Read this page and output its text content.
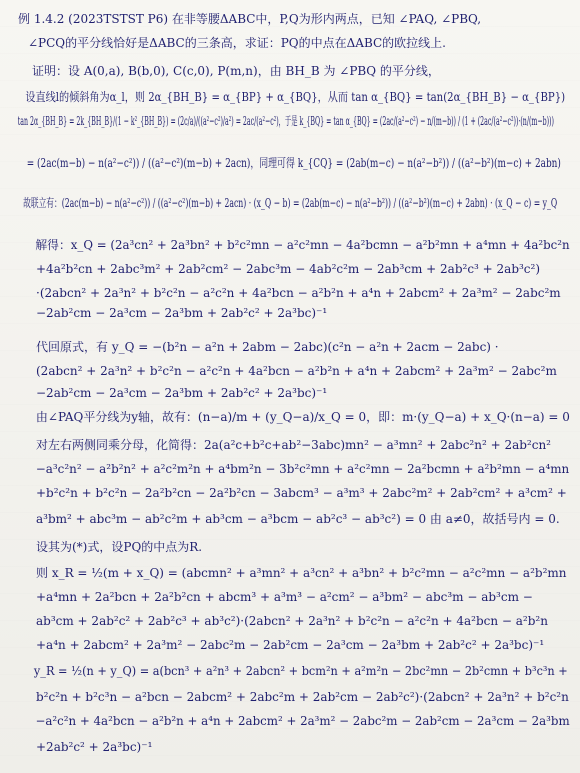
例 1.4.2 (2023TSTST P6) 在非等腰ΔABC中，P,Q为形内两点，已知 ∠PAQ, ∠PBQ,
∠PCQ的平分线恰好是ΔABC的三条高，求证：PQ的中点在ΔABC的欧拉线上.
证明：设 A(0,a), B(b,0), C(c,0), P(m,n)，由 BH_B 为 ∠PBQ 的平分线，
设直线l的倾斜角为α_l，则 2α_{BH_B} = α_{BP} + α_{BQ}，从而 tan α_{BQ} = tan(2α_{BH_B} − α_{BP})
tan 2α_{BH_B} = 2k_{BH_B}/(1 − k²_{BH_B}) = (2c/a)/((a²−c²)/a²) = 2ac/(a²−c²)，于是 k_{BQ} = tan α_{BQ} = (2ac/(a²−c²) − n/(m−b)) / (1 + (2ac/(a²−c²))·(n/(m−b)))
= (2ac(m−b) − n(a²−c²)) / ((a²−c²)(m−b) + 2acn)，同理可得 k_{CQ} = (2ab(m−c) − n(a²−b²)) / ((a²−b²)(m−c) + 2abn)
故联立有：(2ac(m−b) − n(a²−c²)) / ((a²−c²)(m−b) + 2acn) · (x_Q − b) = (2ab(m−c) − n(a²−b²)) / ((a²−b²)(m−c) + 2abn) · (x_Q − c) = y_Q
解得：x_Q = (2a³cn² + 2a³bn² + b²c²mn − a²c²mn − 4a²bcmn − a²b²mn + a⁴mn + 4a²bc²n
+4a²b²cn + 2abc³m² + 2ab²cm² − 2abc³m − 4ab²c²m − 2ab³cm + 2ab²c³ + 2ab³c²)
·(2abcn² + 2a³n² + b²c²n − a²c²n + 4a²bcn − a²b²n + a⁴n + 2abcm² + 2a³m² − 2abc²m
−2ab²cm − 2a³cm − 2a³bm + 2ab²c² + 2a³bc)⁻¹
代回原式，有 y_Q = −(b²n − a²n + 2abm − 2abc)(c²n − a²n + 2acm − 2abc) ·
(2abcn² + 2a³n² + b²c²n − a²c²n + 4a²bcn − a²b²n + a⁴n + 2abcm² + 2a³m² − 2abc²m
−2ab²cm − 2a³cm − 2a³bm + 2ab²c² + 2a³bc)⁻¹
由∠PAQ平分线为y轴，故有：(n−a)/m + (y_Q−a)/x_Q = 0，即：m·(y_Q−a) + x_Q·(n−a) = 0
对左右两侧同乘分母，化简得：2a(a²c+b²c+ab²−3abc)mn² − a³mn² + 2abc²n² + 2ab²cn²
−a³c²n² − a²b²n² + a²c²m²n + a⁴bm²n − 3b²c²mn + a²c²mn − 2a²bcmn + a²b²mn − a⁴mn
+b²c²n + b²c²n − 2a²b²cn − 2a²b²cn − 3abcm³ − a³m³ + 2abc²m² + 2ab²cm² + a³cm² +
a³bm² + abc³m − ab²c²m + ab³cm − a³bcm − ab²c³ − ab³c²) = 0 由 a≠0，故括号内 = 0.
设其为(*)式，设PQ的中点为R.
则 x_R = ½(m + x_Q) = (abcmn² + a³mn² + a³cn² + a³bn² + b²c²mn − a²c²mn − a²b²mn
+a⁴mn + 2a²bcn + 2a²b²cn + abcm³ + a³m³ − a²cm² − a³bm² − abc³m − ab³cm −
ab³cm + 2ab²c² + 2ab²c³ + ab³c²)·(2abcn² + 2a³n² + b²c²n − a²c²n + 4a²bcn − a²b²n
+a⁴n + 2abcm² + 2a³m² − 2abc²m − 2ab²cm − 2a³cm − 2a³bm + 2ab²c² + 2a³bc)⁻¹
y_R = ½(n + y_Q) = a(bcn³ + a²n³ + 2abcn² + bcm²n + a²m²n − 2bc²mn − 2b²cmn + b³c³n +
b²c²n + b²c³n − a²bcn − 2abcm² + 2abc²m + 2ab²cm − 2ab²c²)·(2abcn² + 2a³n² + b²c²n
−a²c²n + 4a²bcn − a²b²n + a⁴n + 2abcm² + 2a³m² − 2abc²m − 2ab²cm − 2a³cm − 2a³bm
+2ab²c² + 2a³bc)⁻¹
